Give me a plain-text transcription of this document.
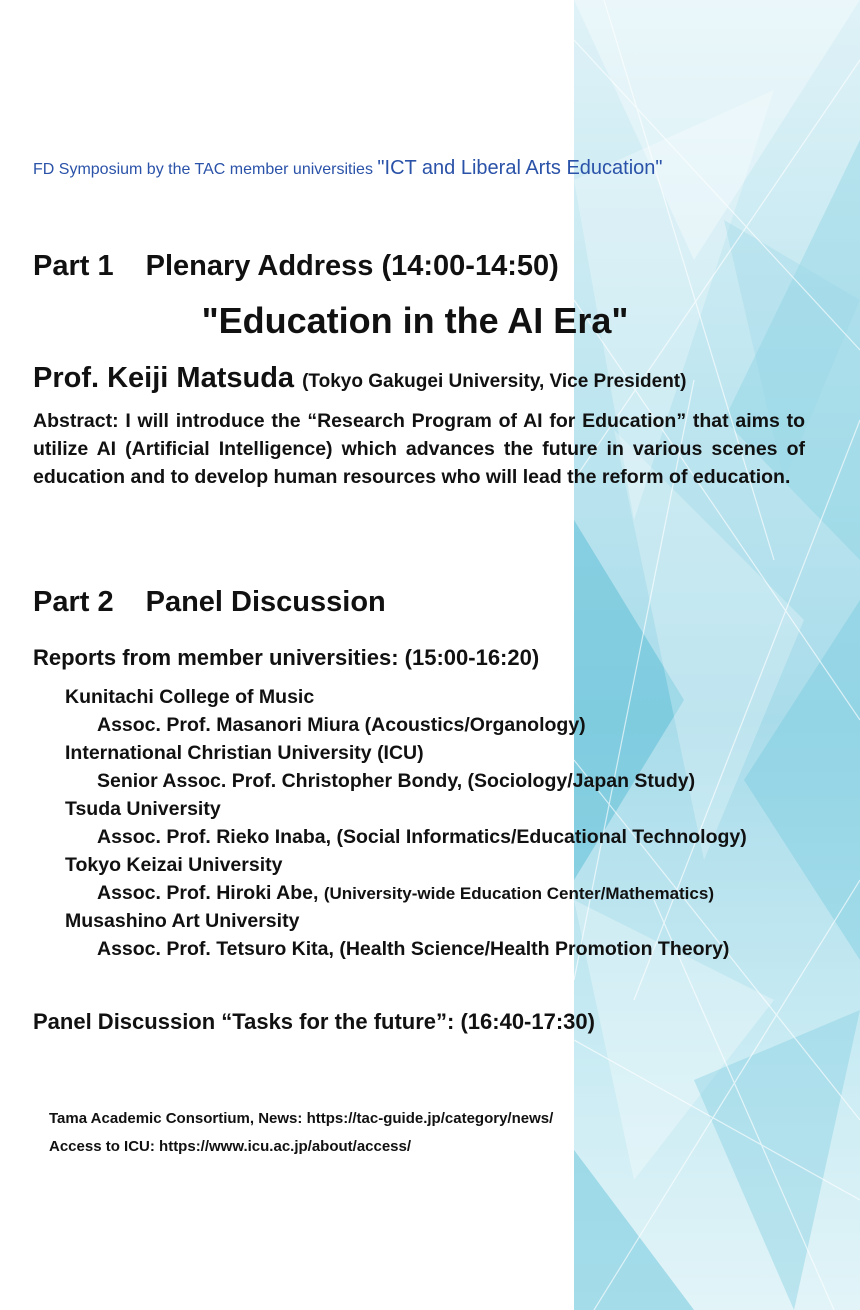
FD Symposium by the TAC member universities "ICT and Liberal Arts Education"
Part 1 Plenary Address (14:00-14:50)
"Education in the AI Era"
Prof. Keiji Matsuda (Tokyo Gakugei University, Vice President)
Abstract: I will introduce the “Research Program of AI for Education” that aims to utilize AI (Artificial Intelligence) which advances the future in various scenes of education and to develop human resources who will lead the reform of education.
Part 2 Panel Discussion
Reports from member universities: (15:00-16:20)
Kunitachi College of Music
Assoc. Prof. Masanori Miura (Acoustics/Organology)
International Christian University (ICU)
Senior Assoc. Prof. Christopher Bondy, (Sociology/Japan Study)
Tsuda University
Assoc. Prof. Rieko Inaba, (Social Informatics/Educational Technology)
Tokyo Keizai University
Assoc. Prof. Hiroki Abe, (University-wide Education Center/Mathematics)
Musashino Art University
Assoc. Prof. Tetsuro Kita, (Health Science/Health Promotion Theory)
Panel Discussion “Tasks for the future”: (16:40-17:30)
Tama Academic Consortium, News: https://tac-guide.jp/category/news/
Access to ICU: https://www.icu.ac.jp/about/access/
